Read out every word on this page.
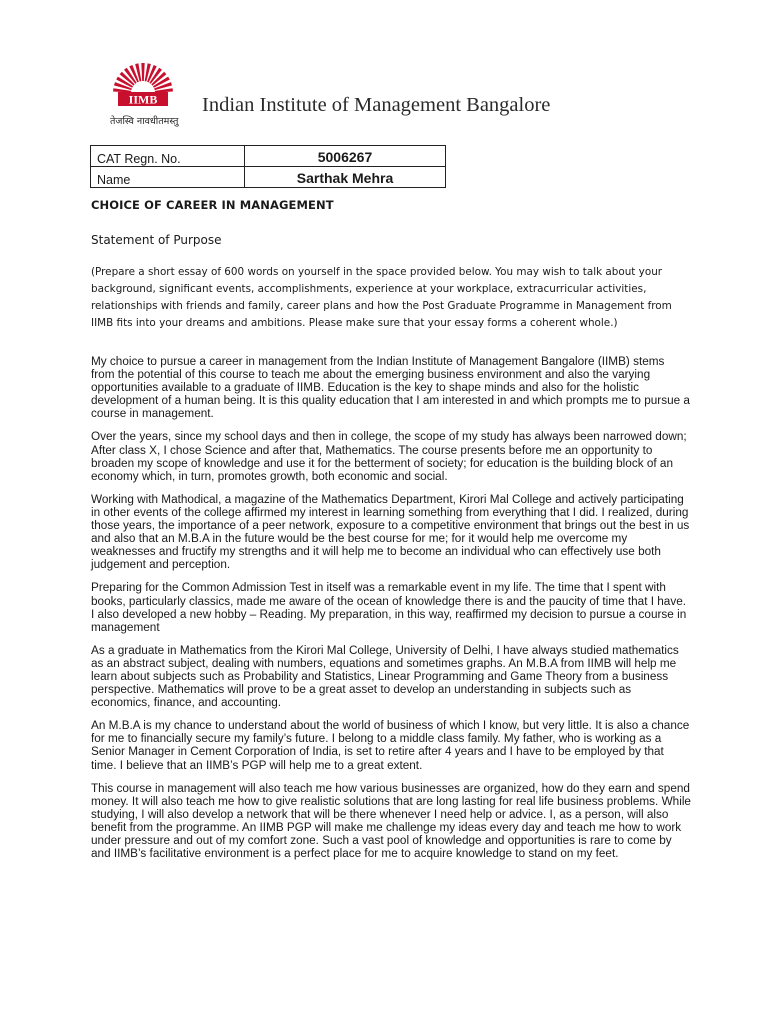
IIMB
तेजस्वि नावधीतमस्तु
Indian Institute of Management Bangalore
CAT Regn. No.	5006267
Name	Sarthak Mehra
CHOICE OF CAREER IN MANAGEMENT
Statement of Purpose

(Prepare a short essay of 600 words on yourself in the space provided below. You may wish to talk about your background, significant events, accomplishments, experience at your workplace, extracurricular activities, relationships with friends and family, career plans and how the Post Graduate Programme in Management from IIMB fits into your dreams and ambitions. Please make sure that your essay forms a coherent whole.)

My choice to pursue a career in management from the Indian Institute of Management Bangalore (IIMB) stems from the potential of this course to teach me about the emerging business environment and also the varying opportunities available to a graduate of IIMB. Education is the key to shape minds and also for the holistic development of a human being. It is this quality education that I am interested in and which prompts me to pursue a course in management.

Over the years, since my school days and then in college, the scope of my study has always been narrowed down; After class X, I chose Science and after that, Mathematics. The course presents before me an opportunity to broaden my scope of knowledge and use it for the betterment of society; for education is the building block of an economy which, in turn, promotes growth, both economic and social.

Working with Mathodical, a magazine of the Mathematics Department, Kirori Mal College and actively participating in other events of the college affirmed my interest in learning something from everything that I did. I realized, during those years, the importance of a peer network, exposure to a competitive environment that brings out the best in us and also that an M.B.A in the future would be the best course for me; for it would help me overcome my weaknesses and fructify my strengths and it will help me to become an individual who can effectively use both judgement and perception.

Preparing for the Common Admission Test in itself was a remarkable event in my life. The time that I spent with books, particularly classics, made me aware of the ocean of knowledge there is and the paucity of time that I have. I also developed a new hobby – Reading. My preparation, in this way, reaffirmed my decision to pursue a course in management

As a graduate in Mathematics from the Kirori Mal College, University of Delhi, I have always studied mathematics as an abstract subject, dealing with numbers, equations and sometimes graphs. An M.B.A from IIMB will help me learn about subjects such as Probability and Statistics, Linear Programming and Game Theory from a business perspective. Mathematics will prove to be a great asset to develop an understanding in subjects such as economics, finance, and accounting.

An M.B.A is my chance to understand about the world of business of which I know, but very little. It is also a chance for me to financially secure my family’s future. I belong to a middle class family. My father, who is working as a Senior Manager in Cement Corporation of India, is set to retire after 4 years and I have to be employed by that time. I believe that an IIMB’s PGP will help me to a great extent.

This course in management will also teach me how various businesses are organized, how do they earn and spend money. It will also teach me how to give realistic solutions that are long lasting for real life business problems. While studying, I will also develop a network that will be there whenever I need help or advice. I, as a person, will also benefit from the programme. An IIMB PGP will make me challenge my ideas every day and teach me how to work under pressure and out of my comfort zone. Such a vast pool of knowledge and opportunities is rare to come by and IIMB’s facilitative environment is a perfect place for me to acquire knowledge to stand on my feet.
